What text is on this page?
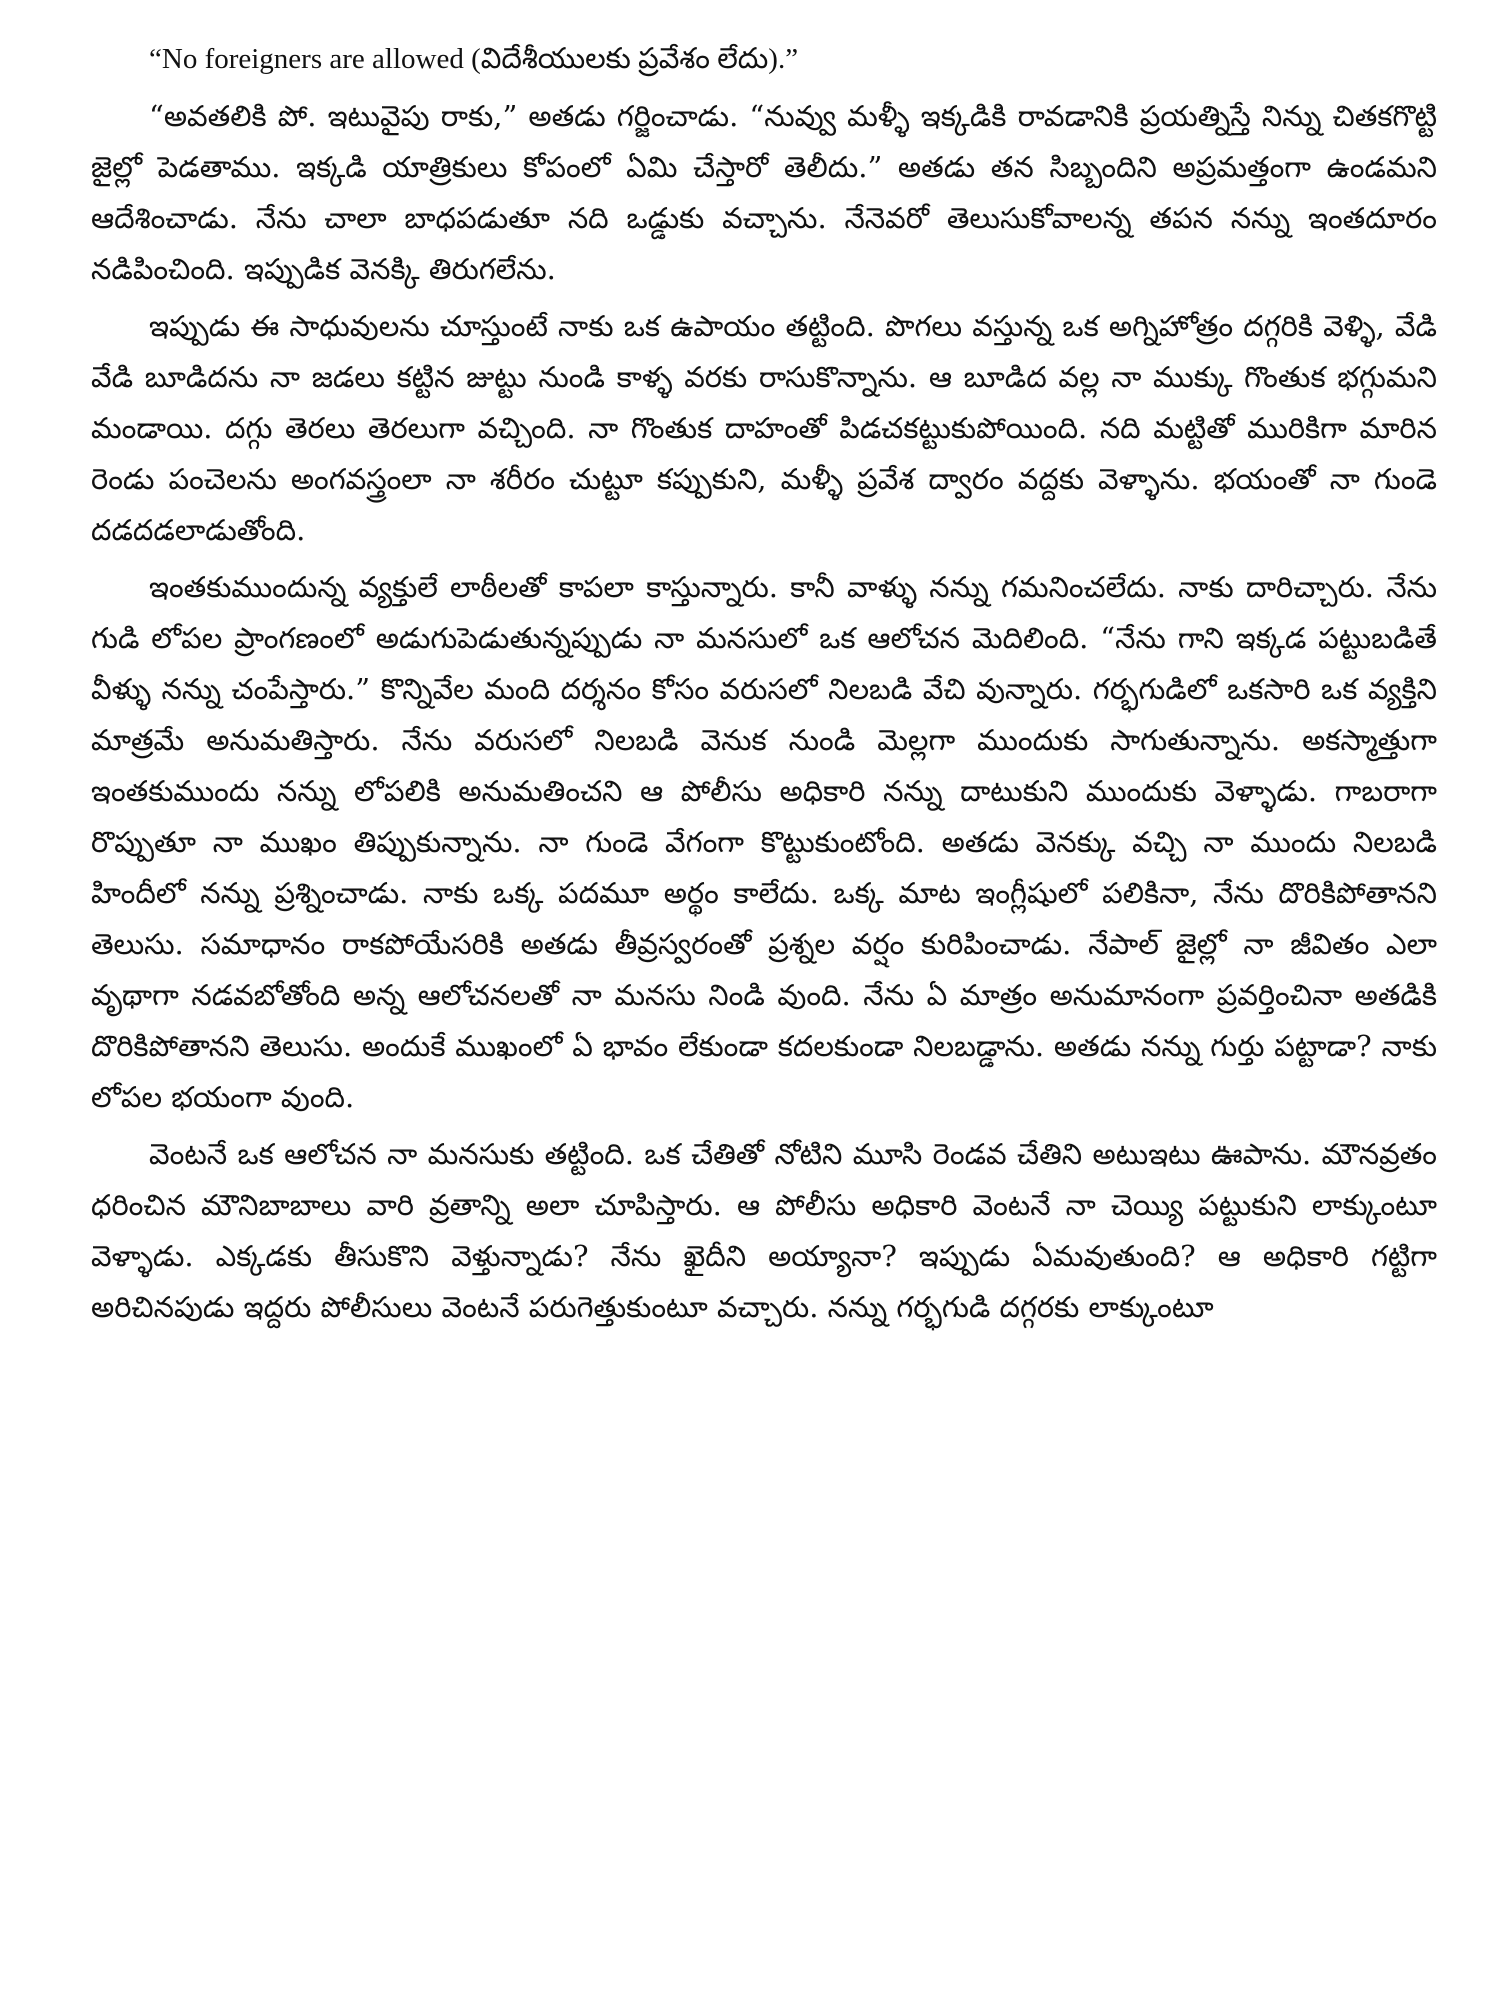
“No foreigners are allowed (విదేశీయులకు ప్రవేశం లేదు).”

“అవతలికి పో. ఇటువైపు రాకు,” అతడు గర్జించాడు. “నువ్వు మళ్ళీ ఇక్కడికి రావడానికి ప్రయత్నిస్తే నిన్ను చితకగొట్టి జైల్లో పెడతాము. ఇక్కడి యాత్రికులు కోపంలో ఏమి చేస్తారో తెలీదు.” అతడు తన సిబ్బందిని అప్రమత్తంగా ఉండమని ఆదేశించాడు. నేను చాలా బాధపడుతూ నది ఒడ్డుకు వచ్చాను. నేనెవరో తెలుసుకోవాలన్న తపన నన్ను ఇంతదూరం నడిపించింది. ఇప్పుడిక వెనక్కి తిరుగలేను.

ఇప్పుడు ఈ సాధువులను చూస్తుంటే నాకు ఒక ఉపాయం తట్టింది. పొగలు వస్తున్న ఒక అగ్నిహోత్రం దగ్గరికి వెళ్ళి, వేడి వేడి బూడిదను నా జడలు కట్టిన జుట్టు నుండి కాళ్ళ వరకు రాసుకొన్నాను. ఆ బూడిద వల్ల నా ముక్కు గొంతుక భగ్గుమని మండాయి. దగ్గు తెరలు తెరలుగా వచ్చింది. నా గొంతుక దాహంతో పిడచకట్టుకుపోయింది. నది మట్టితో మురికిగా మారిన రెండు పంచెలను అంగవస్త్రంలా నా శరీరం చుట్టూ కప్పుకుని, మళ్ళీ ప్రవేశ ద్వారం వద్దకు వెళ్ళాను. భయంతో నా గుండె దడదడలాడుతోంది.

ఇంతకుముందున్న వ్యక్తులే లాఠీలతో కాపలా కాస్తున్నారు. కానీ వాళ్ళు నన్ను గమనించలేదు. నాకు దారిచ్చారు. నేను గుడి లోపల ప్రాంగణంలో అడుగుపెడుతున్నప్పుడు నా మనసులో ఒక ఆలోచన మెదిలింది. “నేను గాని ఇక్కడ పట్టుబడితే వీళ్ళు నన్ను చంపేస్తారు.” కొన్నివేల మంది దర్శనం కోసం వరుసలో నిలబడి వేచి వున్నారు. గర్భగుడిలో ఒకసారి ఒక వ్యక్తిని మాత్రమే అనుమతిస్తారు. నేను వరుసలో నిలబడి వెనుక నుండి మెల్లగా ముందుకు సాగుతున్నాను. అకస్మాత్తుగా ఇంతకుముందు నన్ను లోపలికి అనుమతించని ఆ పోలీసు అధికారి నన్ను దాటుకుని ముందుకు వెళ్ళాడు. గాబరాగా రొప్పుతూ నా ముఖం తిప్పుకున్నాను. నా గుండె వేగంగా కొట్టుకుంటోంది. అతడు వెనక్కు వచ్చి నా ముందు నిలబడి హిందీలో నన్ను ప్రశ్నించాడు. నాకు ఒక్క పదమూ అర్థం కాలేదు. ఒక్క మాట ఇంగ్లీషులో పలికినా, నేను దొరికిపోతానని తెలుసు. సమాధానం రాకపోయేసరికి అతడు తీవ్రస్వరంతో ప్రశ్నల వర్షం కురిపించాడు. నేపాల్ జైల్లో నా జీవితం ఎలా వృథాగా నడవబోతోంది అన్న ఆలోచనలతో నా మనసు నిండి వుంది. నేను ఏ మాత్రం అనుమానంగా ప్రవర్తించినా అతడికి దొరికిపోతానని తెలుసు. అందుకే ముఖంలో ఏ భావం లేకుండా కదలకుండా నిలబడ్డాను. అతడు నన్ను గుర్తు పట్టాడా? నాకు లోపల భయంగా వుంది.

వెంటనే ఒక ఆలోచన నా మనసుకు తట్టింది. ఒక చేతితో నోటిని మూసి రెండవ చేతిని అటుఇటు ఊపాను. మౌనవ్రతం ధరించిన మౌనిబాబాలు వారి వ్రతాన్ని అలా చూపిస్తారు. ఆ పోలీసు అధికారి వెంటనే నా చెయ్యి పట్టుకుని లాక్కుంటూ వెళ్ళాడు. ఎక్కడకు తీసుకొని వెళ్తున్నాడు? నేను ఖైదీని అయ్యానా? ఇప్పుడు ఏమవుతుంది? ఆ అధికారి గట్టిగా అరిచినపుడు ఇద్దరు పోలీసులు వెంటనే పరుగెత్తుకుంటూ వచ్చారు. నన్ను గర్భగుడి దగ్గరకు లాక్కుంటూ
